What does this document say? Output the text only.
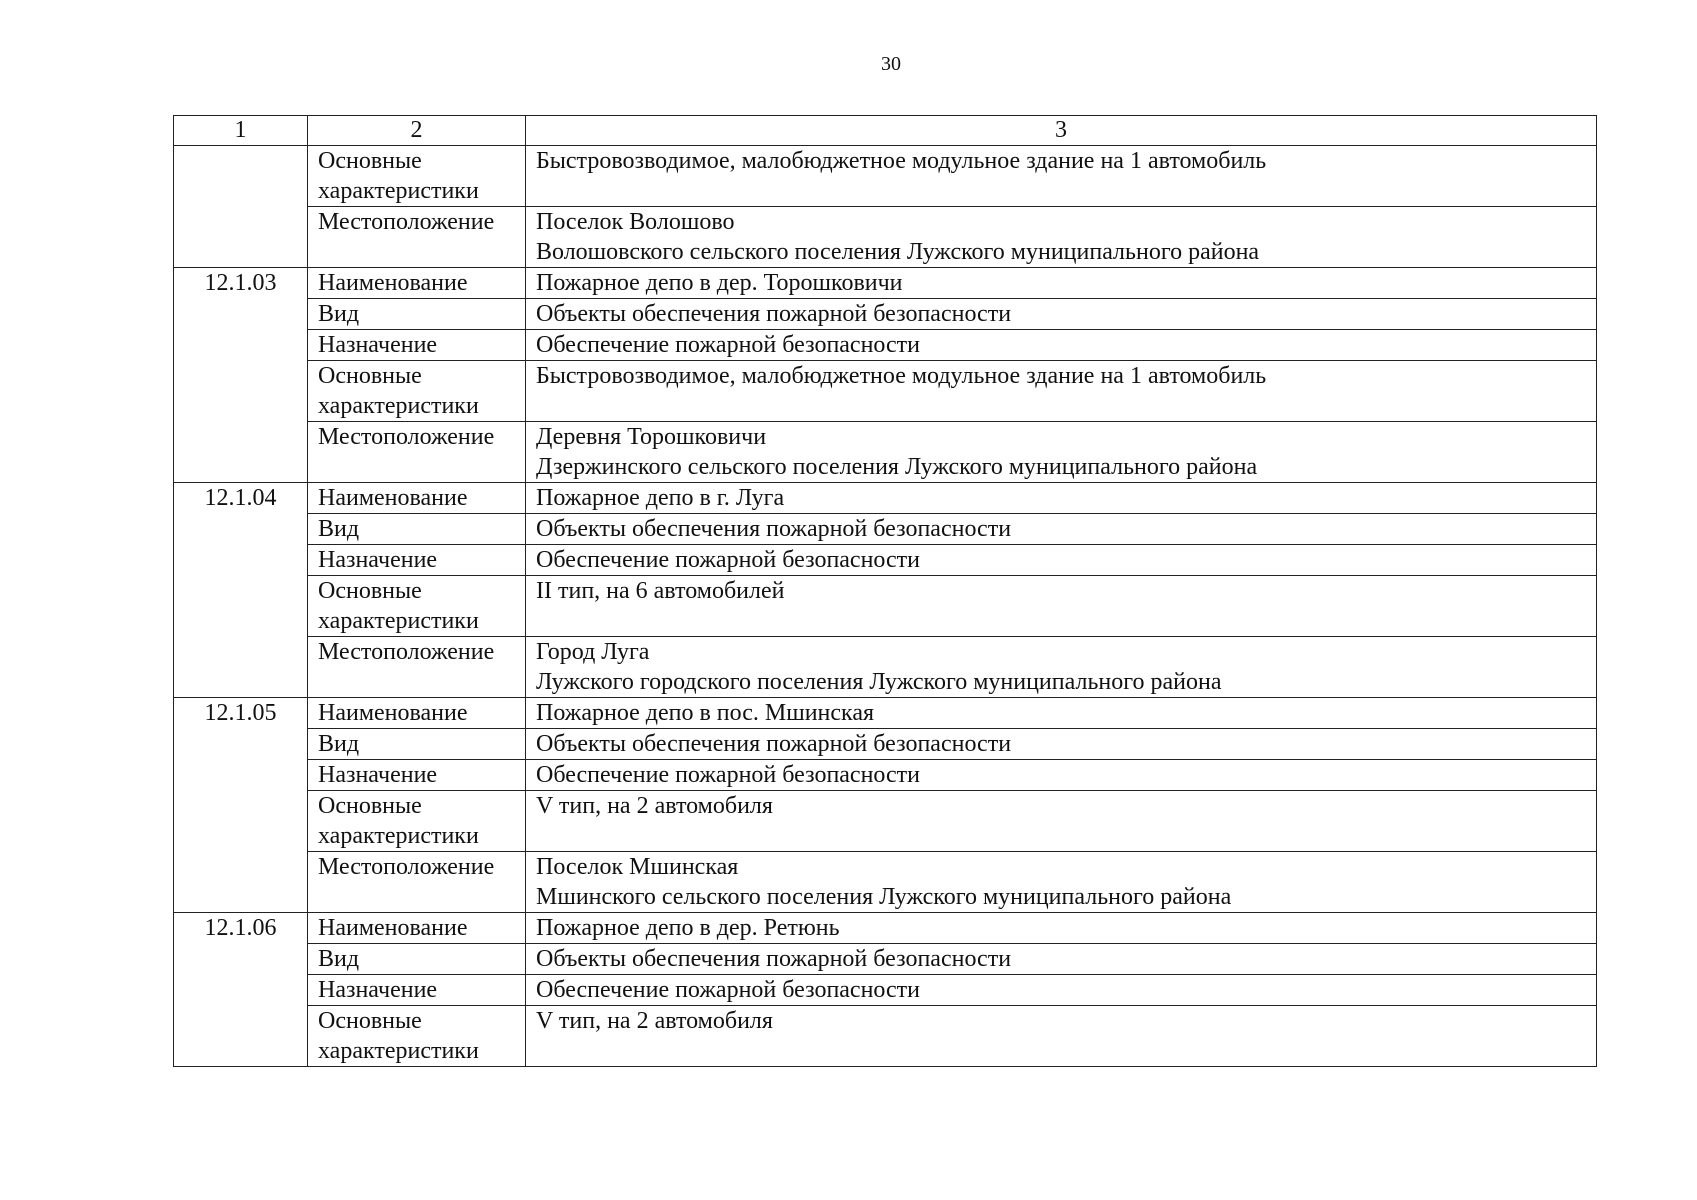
30
1	2	3

	Основные
характеристики	Быстровозводимое, малобюджетное модульное здание на 1 автомобиль

	Местоположение	Поселок Волошово
Волошовского сельского поселения Лужского муниципального района

12.1.03	Наименование	Пожарное депо в дер. Торошковичи

	Вид	Объекты обеспечения пожарной безопасности

	Назначение	Обеспечение пожарной безопасности

	Основные
характеристики	Быстровозводимое, малобюджетное модульное здание на 1 автомобиль

	Местоположение	Деревня Торошковичи
Дзержинского сельского поселения Лужского муниципального района

12.1.04	Наименование	Пожарное депо в г. Луга

	Вид	Объекты обеспечения пожарной безопасности

	Назначение	Обеспечение пожарной безопасности

	Основные
характеристики	II тип, на 6 автомобилей

	Местоположение	Город Луга
Лужского городского поселения Лужского муниципального района

12.1.05	Наименование	Пожарное депо в пос. Мшинская

	Вид	Объекты обеспечения пожарной безопасности

	Назначение	Обеспечение пожарной безопасности

	Основные
характеристики	V тип, на 2 автомобиля

	Местоположение	Поселок Мшинская
Мшинского сельского поселения Лужского муниципального района

12.1.06	Наименование	Пожарное депо в дер. Ретюнь

	Вид	Объекты обеспечения пожарной безопасности

	Назначение	Обеспечение пожарной безопасности

	Основные
характеристики	V тип, на 2 автомобиля
